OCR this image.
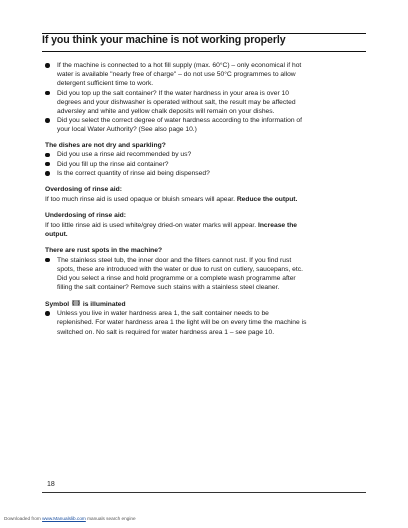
If you think your machine is not working properly

If the machine is connected to a hot fill supply (max. 60°C) – only economical if hot water is available "nearly free of charge" – do not use 50°C programmes to allow detergent sufficient time to work.

Did you top up the salt container? If the water hardness in your area is over 10 degrees and your dishwasher is operated without salt, the result may be affected adversley and white and yellow chalk deposits will remain on your dishes.

Did you select the correct degree of water hardness according to the information of your local Water Authority? (See also page 10.)

The dishes are not dry and sparkling?

Did you use a rinse aid recommended by us?

Did you fill up the rinse aid container?

Is the correct quantity of rinse aid being dispensed?

Overdosing of rinse aid:

If too much rinse aid is used opaque or bluish smears will apear. Reduce the output.

Underdosing of rinse aid:

If too little rinse aid is used white/grey dried-on water marks will appear. Increase the output.

There are rust spots in the machine?

The stainless steel tub, the inner door and the filters cannot rust. If you find rust spots, these are introduced with the water or due to rust on cutlery, saucepans, etc. Did you select a rinse and hold programme or a complete wash programme after filling the salt container? Remove such stains with a stainless steel cleaner.

Symbol is illuminated

Unless you live in water hardness area 1, the salt container needs to be replenished. For water hardness area 1 the light will be on every time the machine is switched on. No salt is required for water hardness area 1 – see page 10.

18
Downloaded from www.Manualslib.com manuals search engine
